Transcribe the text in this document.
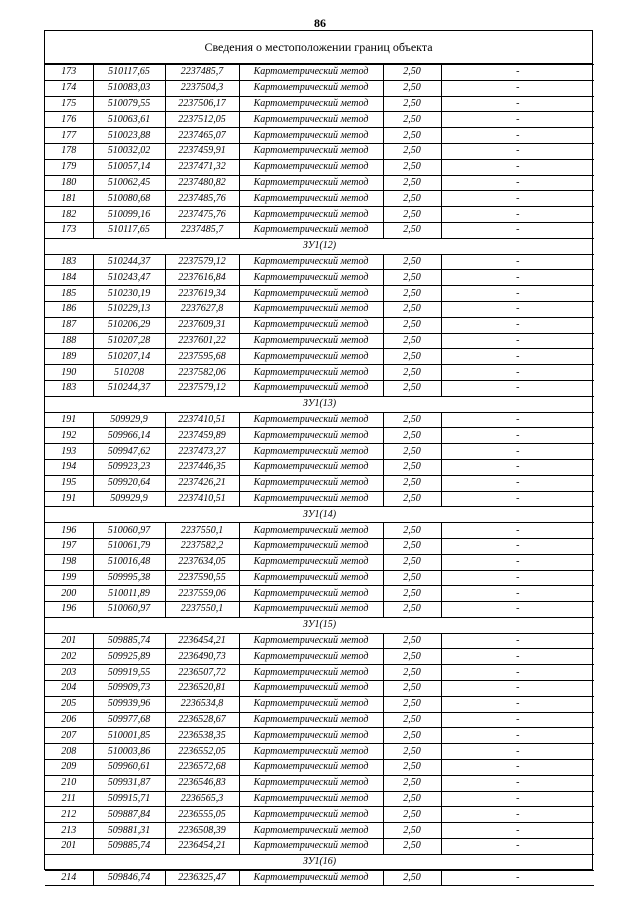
86
Сведения о местоположении границ объекта
173	510117,65	2237485,7	Картометрический метод	2,50	-
174	510083,03	2237504,3	Картометрический метод	2,50	-
175	510079,55	2237506,17	Картометрический метод	2,50	-
176	510063,61	2237512,05	Картометрический метод	2,50	-
177	510023,88	2237465,07	Картометрический метод	2,50	-
178	510032,02	2237459,91	Картометрический метод	2,50	-
179	510057,14	2237471,32	Картометрический метод	2,50	-
180	510062,45	2237480,82	Картометрический метод	2,50	-
181	510080,68	2237485,76	Картометрический метод	2,50	-
182	510099,16	2237475,76	Картометрический метод	2,50	-
173	510117,65	2237485,7	Картометрический метод	2,50	-
ЗУ1(12)					
183	510244,37	2237579,12	Картометрический метод	2,50	-
184	510243,47	2237616,84	Картометрический метод	2,50	-
185	510230,19	2237619,34	Картометрический метод	2,50	-
186	510229,13	2237627,8	Картометрический метод	2,50	-
187	510206,29	2237609,31	Картометрический метод	2,50	-
188	510207,28	2237601,22	Картометрический метод	2,50	-
189	510207,14	2237595,68	Картометрический метод	2,50	-
190	510208	2237582,06	Картометрический метод	2,50	-
183	510244,37	2237579,12	Картометрический метод	2,50	-
ЗУ1(13)					
191	509929,9	2237410,51	Картометрический метод	2,50	-
192	509966,14	2237459,89	Картометрический метод	2,50	-
193	509947,62	2237473,27	Картометрический метод	2,50	-
194	509923,23	2237446,35	Картометрический метод	2,50	-
195	509920,64	2237426,21	Картометрический метод	2,50	-
191	509929,9	2237410,51	Картометрический метод	2,50	-
ЗУ1(14)					
196	510060,97	2237550,1	Картометрический метод	2,50	-
197	510061,79	2237582,2	Картометрический метод	2,50	-
198	510016,48	2237634,05	Картометрический метод	2,50	-
199	509995,38	2237590,55	Картометрический метод	2,50	-
200	510011,89	2237559,06	Картометрический метод	2,50	-
196	510060,97	2237550,1	Картометрический метод	2,50	-
ЗУ1(15)					
201	509885,74	2236454,21	Картометрический метод	2,50	-
202	509925,89	2236490,73	Картометрический метод	2,50	-
203	509919,55	2236507,72	Картометрический метод	2,50	-
204	509909,73	2236520,81	Картометрический метод	2,50	-
205	509939,96	2236534,8	Картометрический метод	2,50	-
206	509977,68	2236528,67	Картометрический метод	2,50	-
207	510001,85	2236538,35	Картометрический метод	2,50	-
208	510003,86	2236552,05	Картометрический метод	2,50	-
209	509960,61	2236572,68	Картометрический метод	2,50	-
210	509931,87	2236546,83	Картометрический метод	2,50	-
211	509915,71	2236565,3	Картометрический метод	2,50	-
212	509887,84	2236555,05	Картометрический метод	2,50	-
213	509881,31	2236508,39	Картометрический метод	2,50	-
201	509885,74	2236454,21	Картометрический метод	2,50	-
ЗУ1(16)					
214	509846,74	2236325,47	Картометрический метод	2,50	-
